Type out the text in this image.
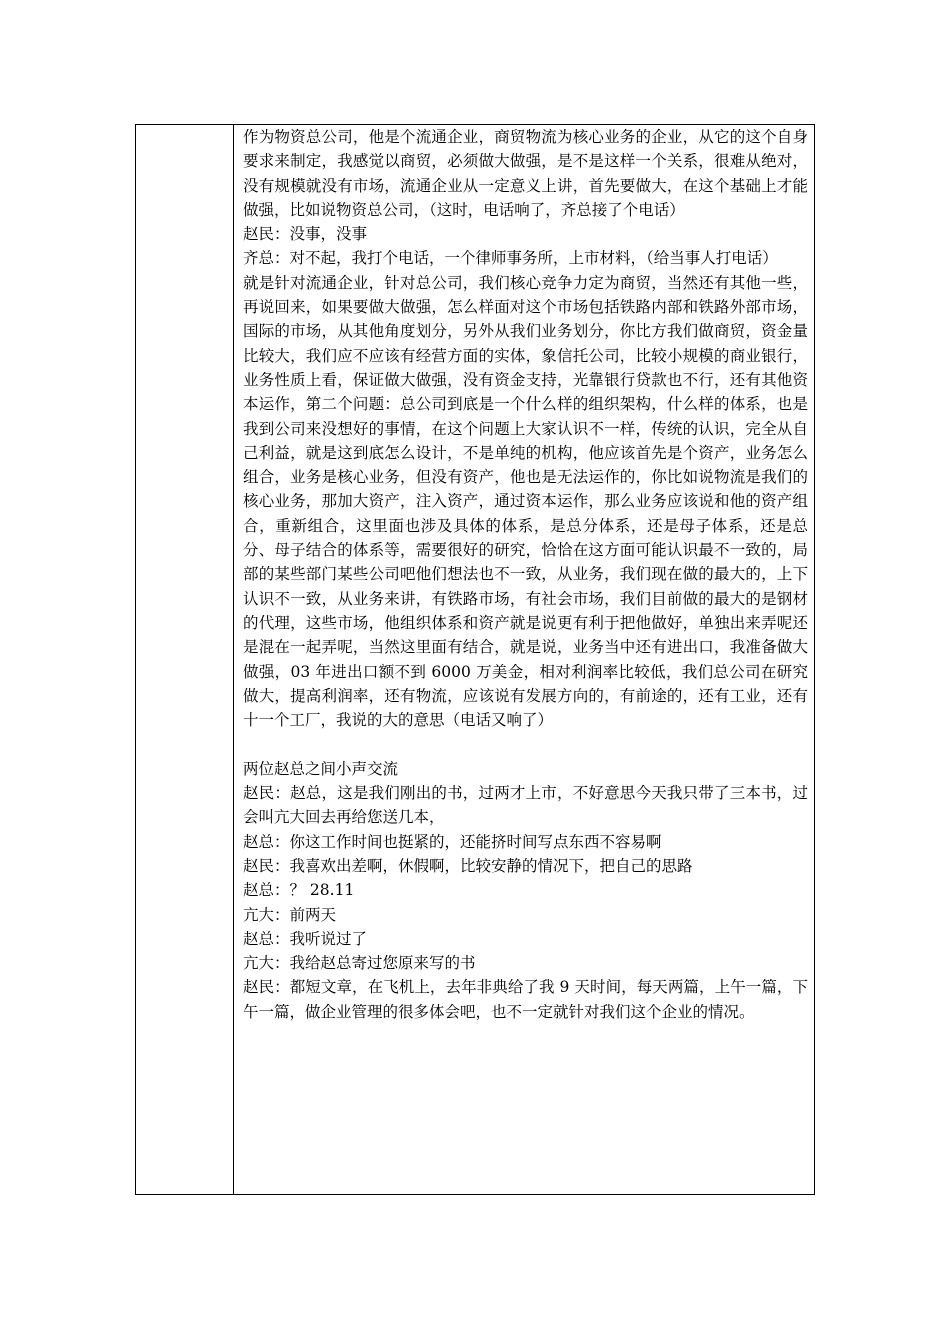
作为物资总公司，他是个流通企业，商贸物流为核心业务的企业，从它的这个自身要求来制定，我感觉以商贸，必须做大做强，是不是这样一个关系，很难从绝对，没有规模就没有市场，流通企业从一定意义上讲，首先要做大，在这个基础上才能做强，比如说物资总公司，（这时，电话响了，齐总接了个电话）

赵民：没事，没事

齐总：对不起，我打个电话，一个律师事务所，上市材料，（给当事人打电话）

就是针对流通企业，针对总公司，我们核心竞争力定为商贸，当然还有其他一些，再说回来，如果要做大做强，怎么样面对这个市场包括铁路内部和铁路外部市场，国际的市场，从其他角度划分，另外从我们业务划分，你比方我们做商贸，资金量比较大，我们应不应该有经营方面的实体，象信托公司，比较小规模的商业银行，业务性质上看，保证做大做强，没有资金支持，光靠银行贷款也不行，还有其他资本运作，第二个问题：总公司到底是一个什么样的组织架构，什么样的体系，也是我到公司来没想好的事情，在这个问题上大家认识不一样，传统的认识，完全从自己利益，就是这到底怎么设计，不是单纯的机构，他应该首先是个资产，业务怎么组合，业务是核心业务，但没有资产，他也是无法运作的，你比如说物流是我们的核心业务，那加大资产，注入资产，通过资本运作，那么业务应该说和他的资产组合，重新组合，这里面也涉及具体的体系，是总分体系，还是母子体系，还是总分、母子结合的体系等，需要很好的研究，恰恰在这方面可能认识最不一致的，局部的某些部门某些公司吧他们想法也不一致，从业务，我们现在做的最大的，上下认识不一致，从业务来讲，有铁路市场，有社会市场，我们目前做的最大的是钢材的代理，这些市场，他组织体系和资产就是说更有利于把他做好，单独出来弄呢还是混在一起弄呢，当然这里面有结合，就是说，业务当中还有进出口，我准备做大做强，03 年进出口额不到 6000 万美金，相对利润率比较低，我们总公司在研究做大，提高利润率，还有物流，应该说有发展方向的，有前途的，还有工业，还有十一个工厂，我说的大的意思（电话又响了）

两位赵总之间小声交流

赵民：赵总，这是我们刚出的书，过两才上市，不好意思今天我只带了三本书，过会叫亢大回去再给您送几本，

赵总：你这工作时间也挺紧的，还能挤时间写点东西不容易啊

赵民：我喜欢出差啊，休假啊，比较安静的情况下，把自己的思路

赵总：？ 28.11

亢大：前两天

赵总：我听说过了

亢大：我给赵总寄过您原来写的书

赵民：都短文章，在飞机上，去年非典给了我 9 天时间，每天两篇，上午一篇，下午一篇，做企业管理的很多体会吧，也不一定就针对我们这个企业的情况。
